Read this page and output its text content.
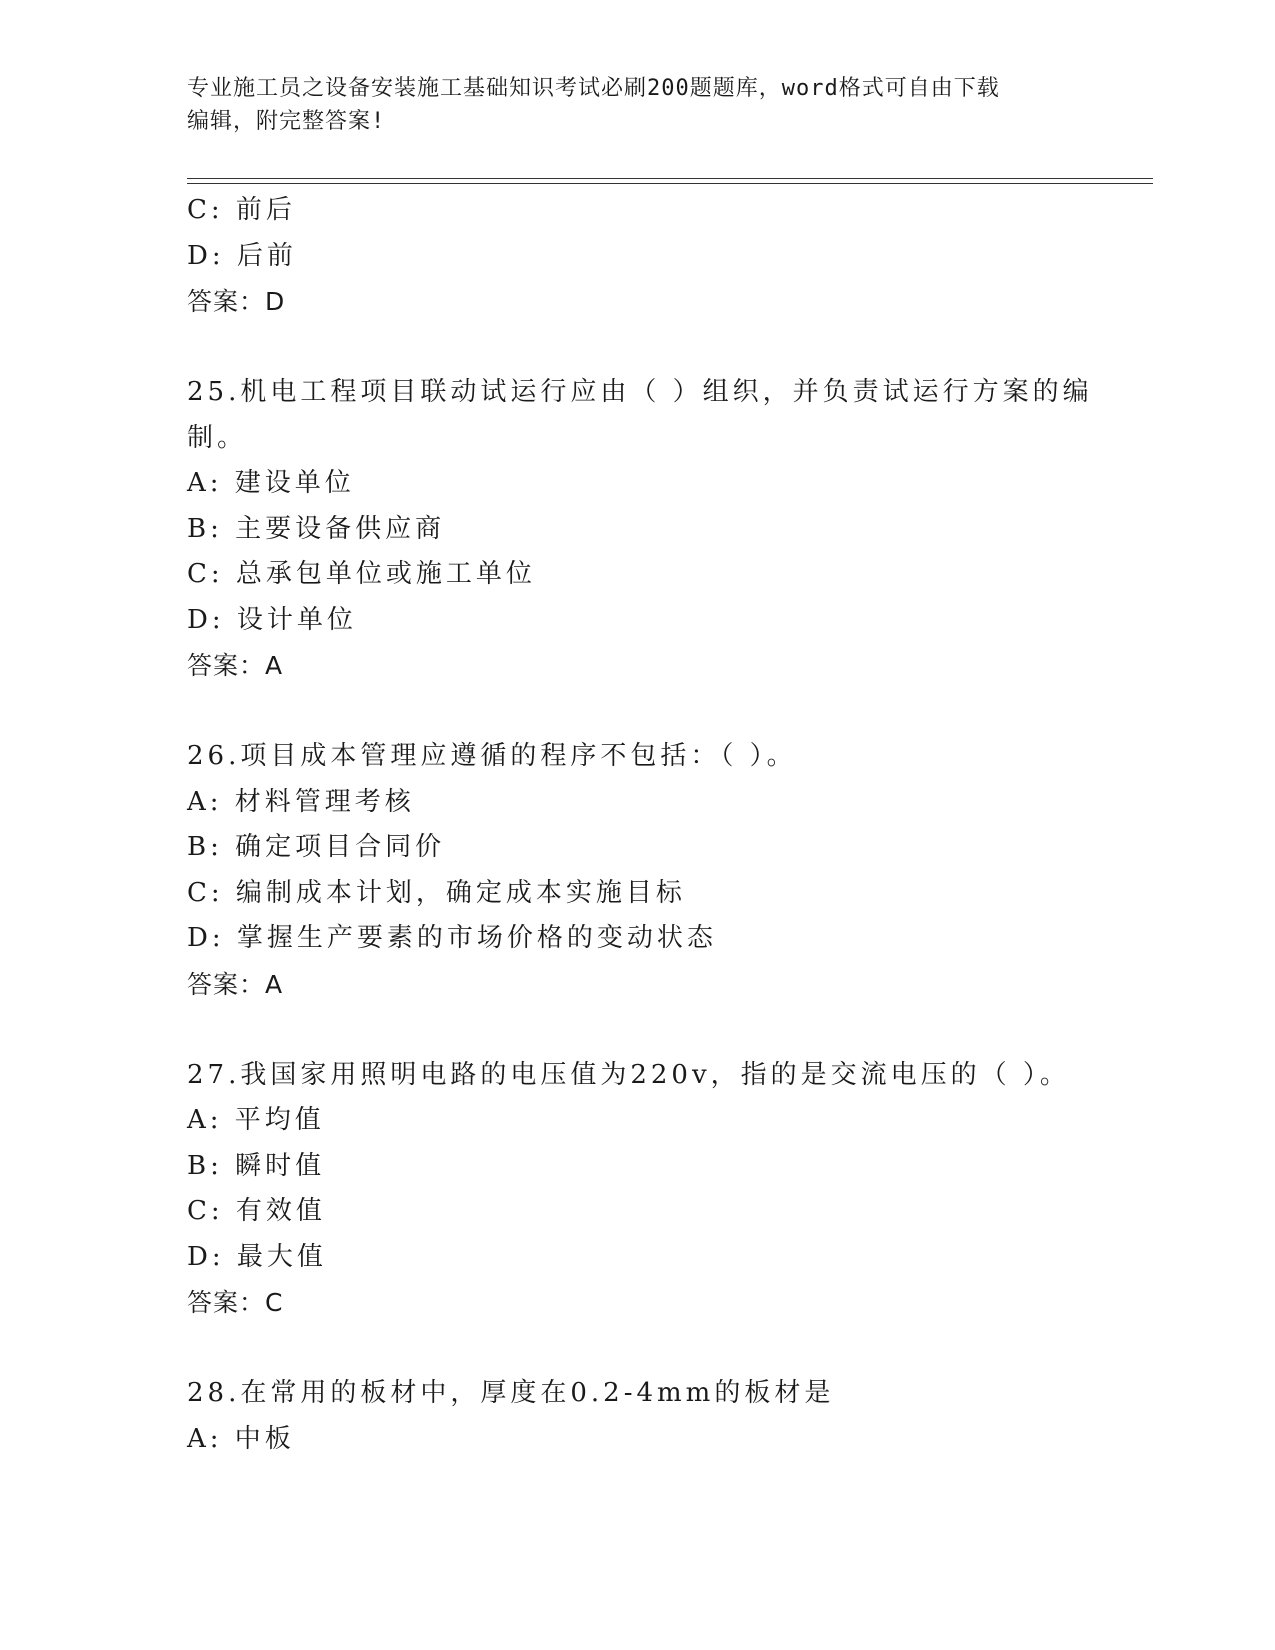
专业施工员之设备安装施工基础知识考试必刷200题题库，word格式可自由下载
编辑，附完整答案!
C: 前后
D: 后前
答案：D
25.机电工程项目联动试运行应由（ ）组织，并负责试运行方案的编
制。
A: 建设单位
B: 主要设备供应商
C: 总承包单位或施工单位
D: 设计单位
答案：A
26.项目成本管理应遵循的程序不包括：（ ）。
A: 材料管理考核
B: 确定项目合同价
C: 编制成本计划，确定成本实施目标
D: 掌握生产要素的市场价格的变动状态
答案：A
27.我国家用照明电路的电压值为220v，指的是交流电压的（ ）。
A: 平均值
B: 瞬时值
C: 有效值
D: 最大值
答案：C
28.在常用的板材中，厚度在0.2-4mm的板材是
A: 中板
